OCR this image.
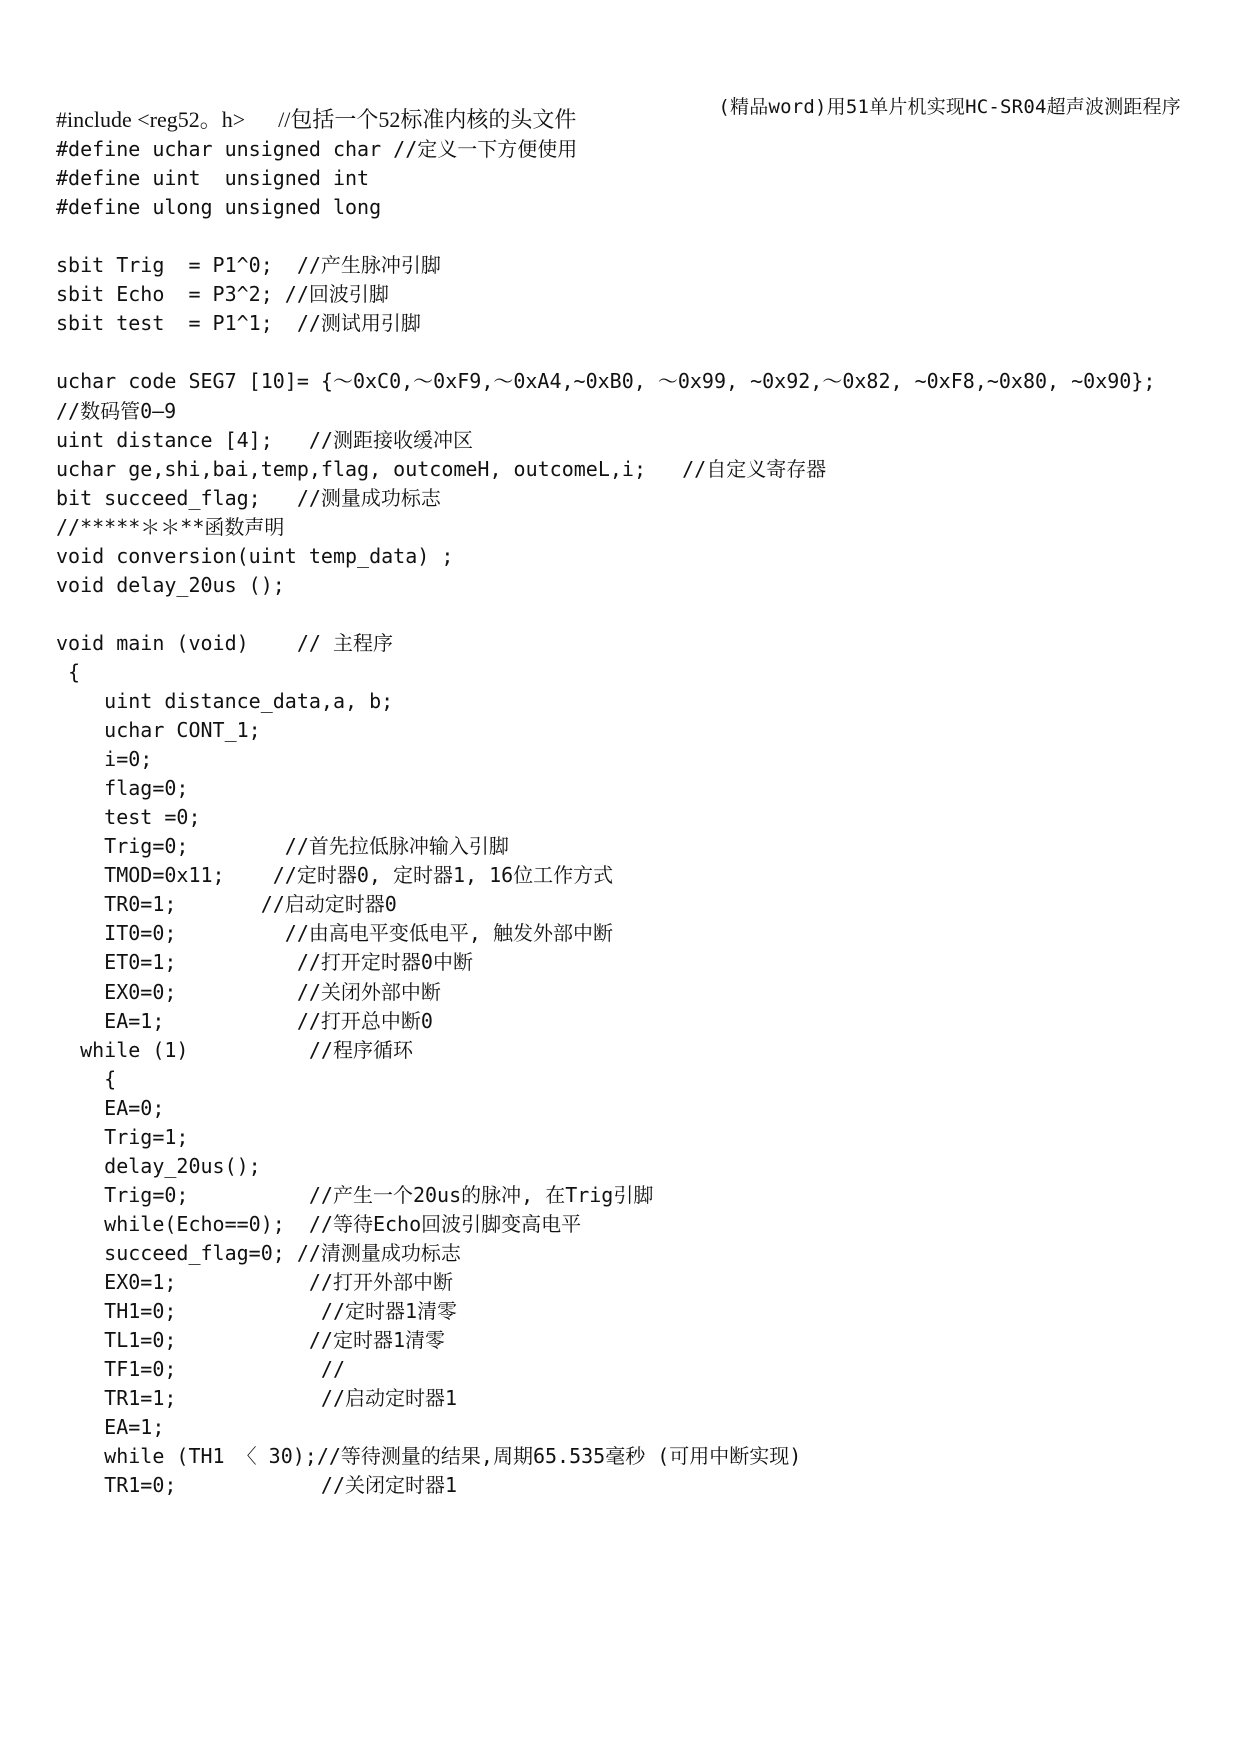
(精品word)用51单片机实现HC-SR04超声波测距程序
#include <reg52。h>      //包括一个52标准内核的头文件
#define uchar unsigned char //定义一下方便使用
#define uint  unsigned int
#define ulong unsigned long
sbit Trig  = P1^0;  //产生脉冲引脚
sbit Echo  = P3^2; //回波引脚
sbit test  = P1^1;  //测试用引脚
uchar code SEG7 [10]= {～0xC0,～0xF9,～0xA4,~0xB0, ～0x99, ~0x92,～0x82, ~0xF8,~0x80, ~0x90};
//数码管0—9
uint distance [4];   //测距接收缓冲区
uchar ge,shi,bai,temp,flag, outcomeH, outcomeL,i;   //自定义寄存器
bit succeed_flag;   //测量成功标志
//*****＊＊**函数声明
void conversion(uint temp_data) ;
void delay_20us ();
void main (void)    // 主程序
{
uint distance_data,a, b;
uchar CONT_1;
i=0;
flag=0;
test =0;
Trig=0;        //首先拉低脉冲输入引脚
TMOD=0x11;    //定时器0, 定时器1, 16位工作方式
TR0=1;       //启动定时器0
IT0=0;         //由高电平变低电平, 触发外部中断
ET0=1;          //打开定时器0中断
EX0=0;          //关闭外部中断
EA=1;           //打开总中断0
while (1)          //程序循环
{
EA=0;
Trig=1;
delay_20us();
Trig=0;          //产生一个20us的脉冲, 在Trig引脚
while(Echo==0);  //等待Echo回波引脚变高电平
succeed_flag=0; //清测量成功标志
EX0=1;           //打开外部中断
TH1=0;            //定时器1清零
TL1=0;           //定时器1清零
TF1=0;            //
TR1=1;            //启动定时器1
EA=1;
while (TH1 〈 30);//等待测量的结果,周期65.535毫秒 (可用中断实现)
TR1=0;            //关闭定时器1
